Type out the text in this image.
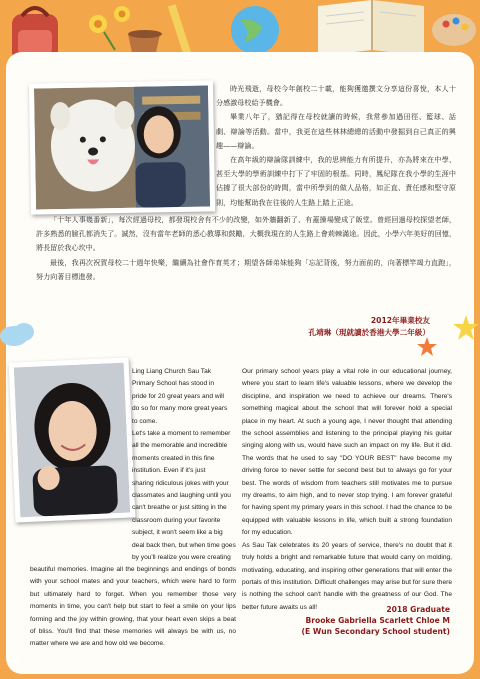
時光飛逝，母校今年創校二十載，能夠獲邀撰文分享這份喜悅，本人十分感激母校給予機會。

畢業八年了，猶記得在母校就讀的時候，我常參加過田徑、籃球、話劇、辯論等活動。當中，我更在這些林林總總的活動中發掘到自己真正的興趣——辯論。

在高年級的辯論隊訓練中，我的思辨能力有所提升，亦為將來在中學、甚至大學的學術訓練中打下了牢固的根基。同時，鳳紀隊在我小學的生涯中佔據了很大部份的時間，當中所學到的做人品格，如正直、責任感和堅守原則，均能幫助我在往後的人生路上踏上正途。

「十年人事幾番新」，每次經過母校，都發現校舍有不少的改變，如外牆翻新了、有蓋操場變成了飯堂。曾經回過母校探望老師，許多熟悉的臉孔都消失了。誠然，沒有當年老師的悉心教導和鼓勵，大概我現在的人生路上會荊棘滿途。因此，小學六年美好的回憶，將長留於我心坎中。

最後，我再次祝賀母校二十週年快樂，繼續為社會作育英才；期望各師弟妹能夠「忘記背後，努力面前的，向著標竿竭力直跑」，努力向著目標進發。

2012年畢業校友
孔靖琳（現就讀於香港大學二年級）
Ling Liang Church Sau Tak
Primary School has stood in
pride for 20 great years and will
do so for many more great years
to come.
Let's take a moment to remember
all the memorable and incredible
moments created in this fine
institution. Even if it's just
sharing ridiculous jokes with your
classmates and laughing until you
can't breathe or just sitting in the
classroom during your favorite
subject, it won't seem like a big
deal back then, but when time goes
by you'll realize you were creating

beautiful memories. Imagine all the beginnings and endings of bonds with your school mates and your teachers, which were hard to form but ultimately hard to forget. When you remember those very moments in time, you can't help but start to feel a smile on your lips forming and the joy within growing, that your heart even skips a beat of bliss. You'll find that these memories will always be with us, no matter where we are and how old we become.

Our primary school years play a vital role in our educational journey, where you start to learn life's valuable lessons, where we develop the discipline, and inspiration we need to achieve our dreams. There's something magical about the school that will forever hold a special place in my heart. At such a young age, I never thought that attending the school assemblies and listening to the principal playing his guitar singing along with us, would have such an impact on my life. But it did. The words that he used to say "DO YOUR BEST" have become my driving force to never settle for second best but to always go for your best. The words of wisdom from teachers still motivates me to pursue my dreams, to aim high, and to never stop trying. I am forever grateful for having spent my primary years in this school. I had the chance to be equipped with valuable lessons in life, which built a strong foundation for my education.

As Sau Tak celebrates its 20 years of service, there's no doubt that it truly holds a bright and remarkable future that would carry on molding, motivating, educating, and inspiring other generations that will enter the portals of this institution. Difficult challenges may arise but for sure there is nothing the school can't handle with the greatness of our God. The better future awaits us all!	2018 Graduate
Brooke Gabriella Scarlett Chloe M
(E Wun Secondary School student)
6
